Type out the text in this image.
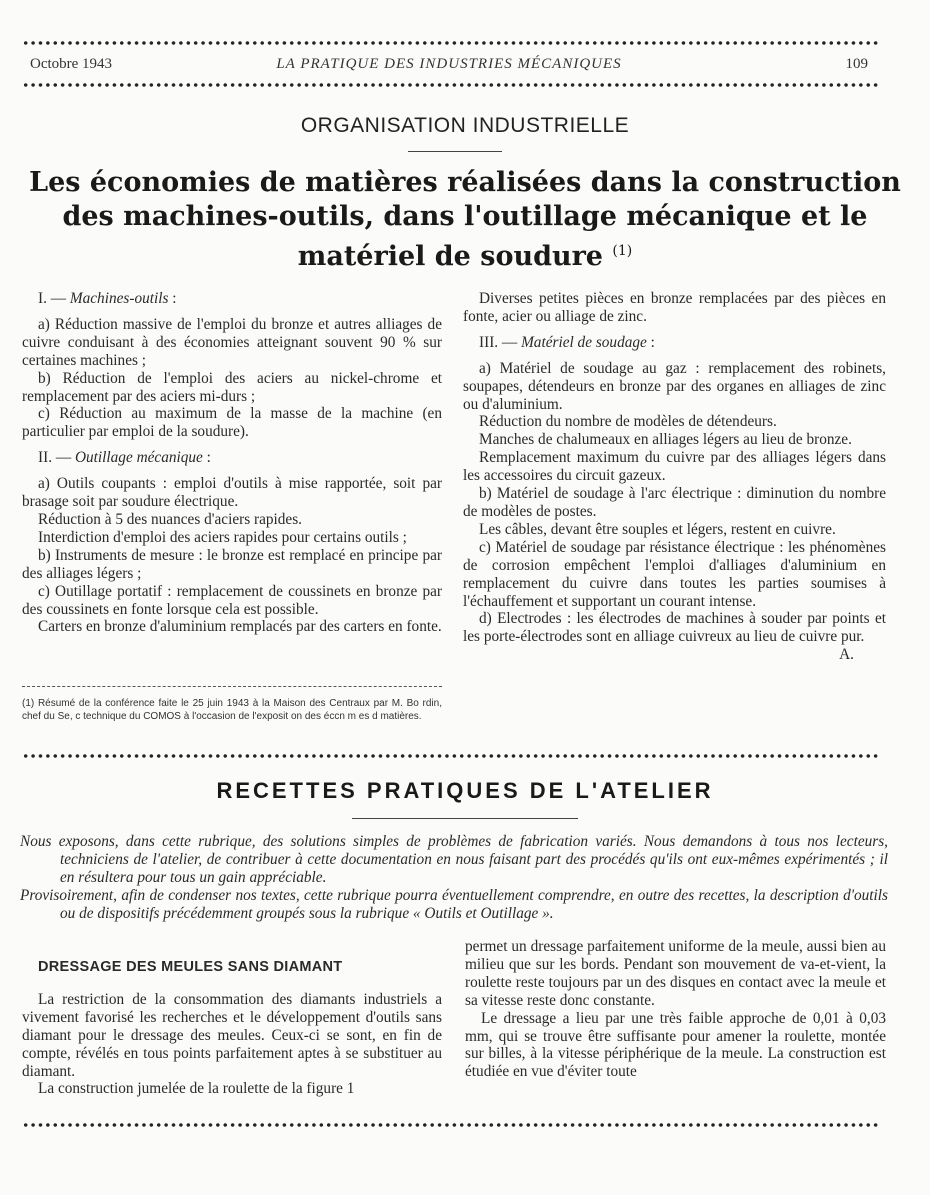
Octobre 1943	LA PRATIQUE DES INDUSTRIES MÉCANIQUES	109
ORGANISATION INDUSTRIELLE
Les économies de matières réalisées dans la construction des machines-outils, dans l'outillage mécanique et le matériel de soudure $^{(1)}$

I. — Machines-outils :

a) Réduction massive de l'emploi du bronze et autres alliages de cuivre conduisant à des économies atteignant souvent 90 % sur certaines machines ;

b) Réduction de l'emploi des aciers au nickel-chrome et remplacement par des aciers mi-durs ;

c) Réduction au maximum de la masse de la machine (en particulier par emploi de la soudure).

II. — Outillage mécanique :

a) Outils coupants : emploi d'outils à mise rapportée, soit par brasage soit par soudure électrique.

Réduction à 5 des nuances d'aciers rapides.

Interdiction d'emploi des aciers rapides pour certains outils ;

b) Instruments de mesure : le bronze est remplacé en principe par des alliages légers ;

c) Outillage portatif : remplacement de coussinets en bronze par des coussinets en fonte lorsque cela est possible.

Carters en bronze d'aluminium remplacés par des carters en fonte.

(1) Résumé de la conférence faite le 25 juin 1943 à la Maison des Centraux par M. Bo rdin, chef du Se, c technique du COMOS à l'occasion de l'exposit on des éccn m es d matières.

Diverses petites pièces en bronze remplacées par des pièces en fonte, acier ou alliage de zinc.

III. — Matériel de soudage :

a) Matériel de soudage au gaz : remplacement des robinets, soupapes, détendeurs en bronze par des organes en alliages de zinc ou d'aluminium.

Réduction du nombre de modèles de détendeurs.

Manches de chalumeaux en alliages légers au lieu de bronze.

Remplacement maximum du cuivre par des alliages légers dans les accessoires du circuit gazeux.

b) Matériel de soudage à l'arc électrique : diminution du nombre de modèles de postes.

Les câbles, devant être souples et légers, restent en cuivre.

c) Matériel de soudage par résistance électrique : les phénomènes de corrosion empêchent l'emploi d'alliages d'aluminium en remplacement du cuivre dans toutes les parties soumises à l'échauffement et supportant un courant intense.

d) Electrodes : les électrodes de machines à souder par points et les porte-électrodes sont en alliage cuivreux au lieu de cuivre pur.
A.

RECETTES PRATIQUES DE L'ATELIER

Nous exposons, dans cette rubrique, des solutions simples de problèmes de fabrication variés. Nous demandons à tous nos lecteurs, techniciens de l'atelier, de contribuer à cette documentation en nous faisant part des procédés qu'ils ont eux-mêmes expérimentés ; il en résultera pour tous un gain appréciable.

Provisoirement, afin de condenser nos textes, cette rubrique pourra éventuellement comprendre, en outre des recettes, la description d'outils ou de dispositifs précédemment groupés sous la rubrique « Outils et Outillage ».

DRESSAGE DES MEULES SANS DIAMANT

La restriction de la consommation des diamants industriels a vivement favorisé les recherches et le développement d'outils sans diamant pour le dressage des meules. Ceux-ci se sont, en fin de compte, révélés en tous points parfaitement aptes à se substituer au diamant.

La construction jumelée de la roulette de la figure 1

permet un dressage parfaitement uniforme de la meule, aussi bien au milieu que sur les bords. Pendant son mouvement de va-et-vient, la roulette reste toujours par un des disques en contact avec la meule et sa vitesse reste donc constante.

Le dressage a lieu par une très faible approche de 0,01 à 0,03 mm, qui se trouve être suffisante pour amener la roulette, montée sur billes, à la vitesse périphérique de la meule. La construction est étudiée en vue d'éviter toute
